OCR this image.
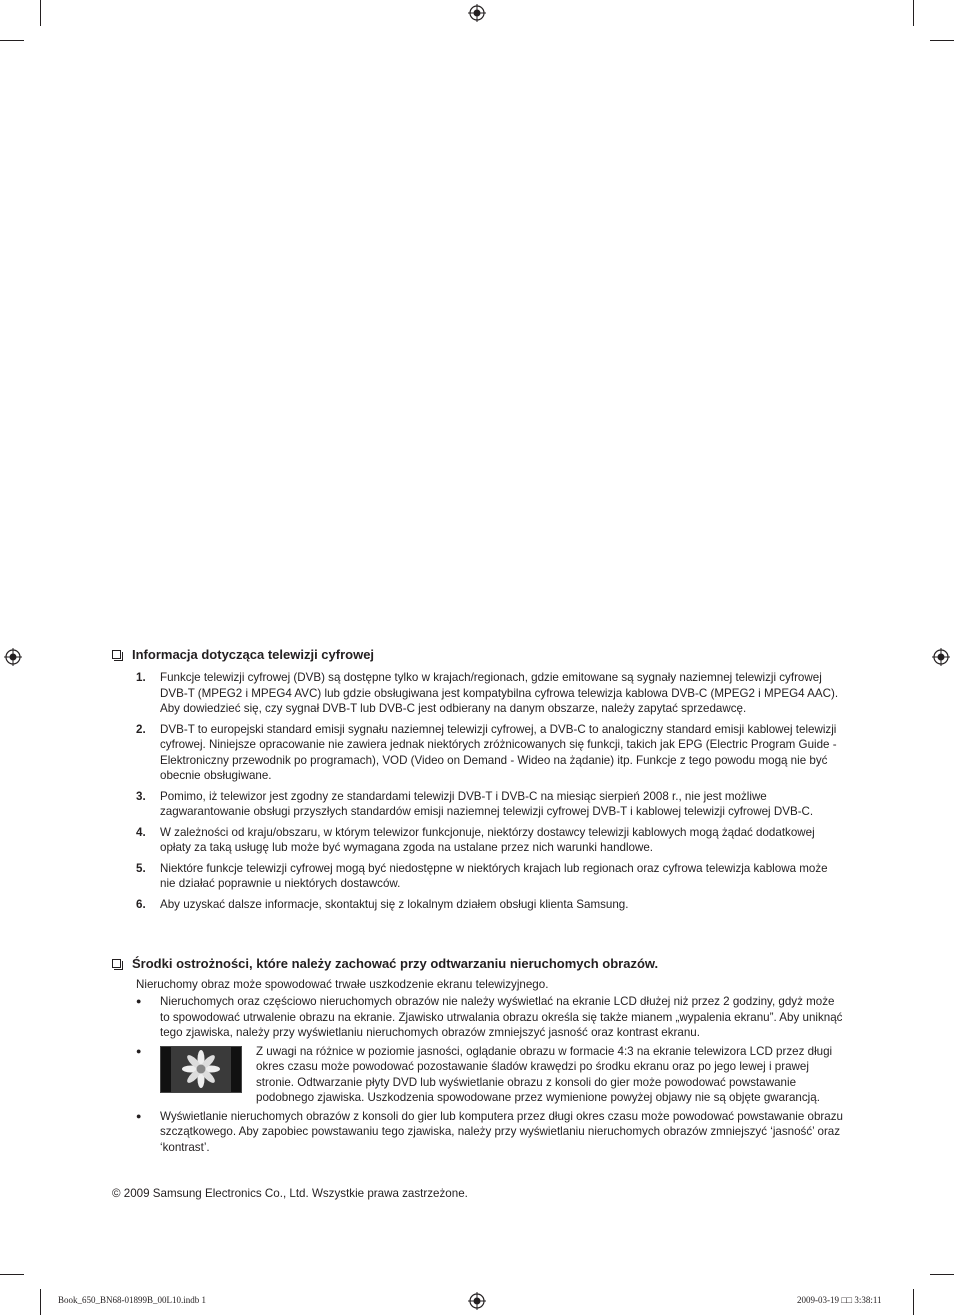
Informacja dotycząca telewizji cyfrowej
1.	Funkcje telewizji cyfrowej (DVB) są dostępne tylko w krajach/regionach, gdzie emitowane są sygnały naziemnej telewizji cyfrowej DVB-T (MPEG2 i MPEG4 AVC) lub gdzie obsługiwana jest kompatybilna cyfrowa telewizja kablowa DVB-C (MPEG2 i MPEG4 AAC). Aby dowiedzieć się, czy sygnał DVB-T lub DVB-C jest odbierany na danym obszarze, należy zapytać sprzedawcę.
2.	DVB-T to europejski standard emisji sygnału naziemnej telewizji cyfrowej, a DVB-C to analogiczny standard emisji kablowej telewizji cyfrowej. Niniejsze opracowanie nie zawiera jednak niektórych zróżnicowanych się funkcji, takich jak EPG (Electric Program Guide - Elektroniczny przewodnik po programach), VOD (Video on Demand - Wideo na żądanie) itp. Funkcje z tego powodu mogą nie być obecnie obsługiwane.
3.	Pomimo, iż telewizor jest zgodny ze standardami telewizji DVB-T i DVB-C na miesiąc sierpień 2008 r., nie jest możliwe zagwarantowanie obsługi przyszłych standardów emisji naziemnej telewizji cyfrowej DVB-T i kablowej telewizji cyfrowej DVB-C.
4.	W zależności od kraju/obszaru, w którym telewizor funkcjonuje, niektórzy dostawcy telewizji kablowych mogą żądać dodatkowej opłaty za taką usługę lub może być wymagana zgoda na ustalane przez nich warunki handlowe.
5.	Niektóre funkcje telewizji cyfrowej mogą być niedostępne w niektórych krajach lub regionach oraz cyfrowa telewizja kablowa może nie działać poprawnie u niektórych dostawców.
6.	Aby uzyskać dalsze informacje, skontaktuj się z lokalnym działem obsługi klienta Samsung.
Środki ostrożności, które należy zachować przy odtwarzaniu nieruchomych obrazów.
Nieruchomy obraz może spowodować trwałe uszkodzenie ekranu telewizyjnego.
●	Nieruchomych oraz częściowo nieruchomych obrazów nie należy wyświetlać na ekranie LCD dłużej niż przez 2 godziny, gdyż może to spowodować utrwalenie obrazu na ekranie. Zjawisko utrwalania obrazu określa się także mianem „wypalenia ekranu”. Aby uniknąć tego zjawiska, należy przy wyświetlaniu nieruchomych obrazów zmniejszyć jasność oraz kontrast ekranu.
●	Z uwagi na różnice w poziomie jasności, oglądanie obrazu w formacie 4:3 na ekranie telewizora LCD przez długi okres czasu może powodować pozostawanie śladów krawędzi po środku ekranu oraz po jego lewej i prawej stronie. Odtwarzanie płyty DVD lub wyświetlanie obrazu z konsoli do gier może powodować powstawanie podobnego zjawiska. Uszkodzenia spowodowane przez wymienione powyżej objawy nie są objęte gwarancją.
●	Wyświetlanie nieruchomych obrazów z konsoli do gier lub komputera przez długi okres czasu może powodować powstawanie obrazu szczątkowego. Aby zapobiec powstawaniu tego zjawiska, należy przy wyświetlaniu nieruchomych obrazów zmniejszyć ‘jasność’ oraz ‘kontrast’.
© 2009 Samsung Electronics Co., Ltd. Wszystkie prawa zastrzeżone.
Book_650_BN68-01899B_00L10.indb 1	2009-03-19 □□ 3:38:11
